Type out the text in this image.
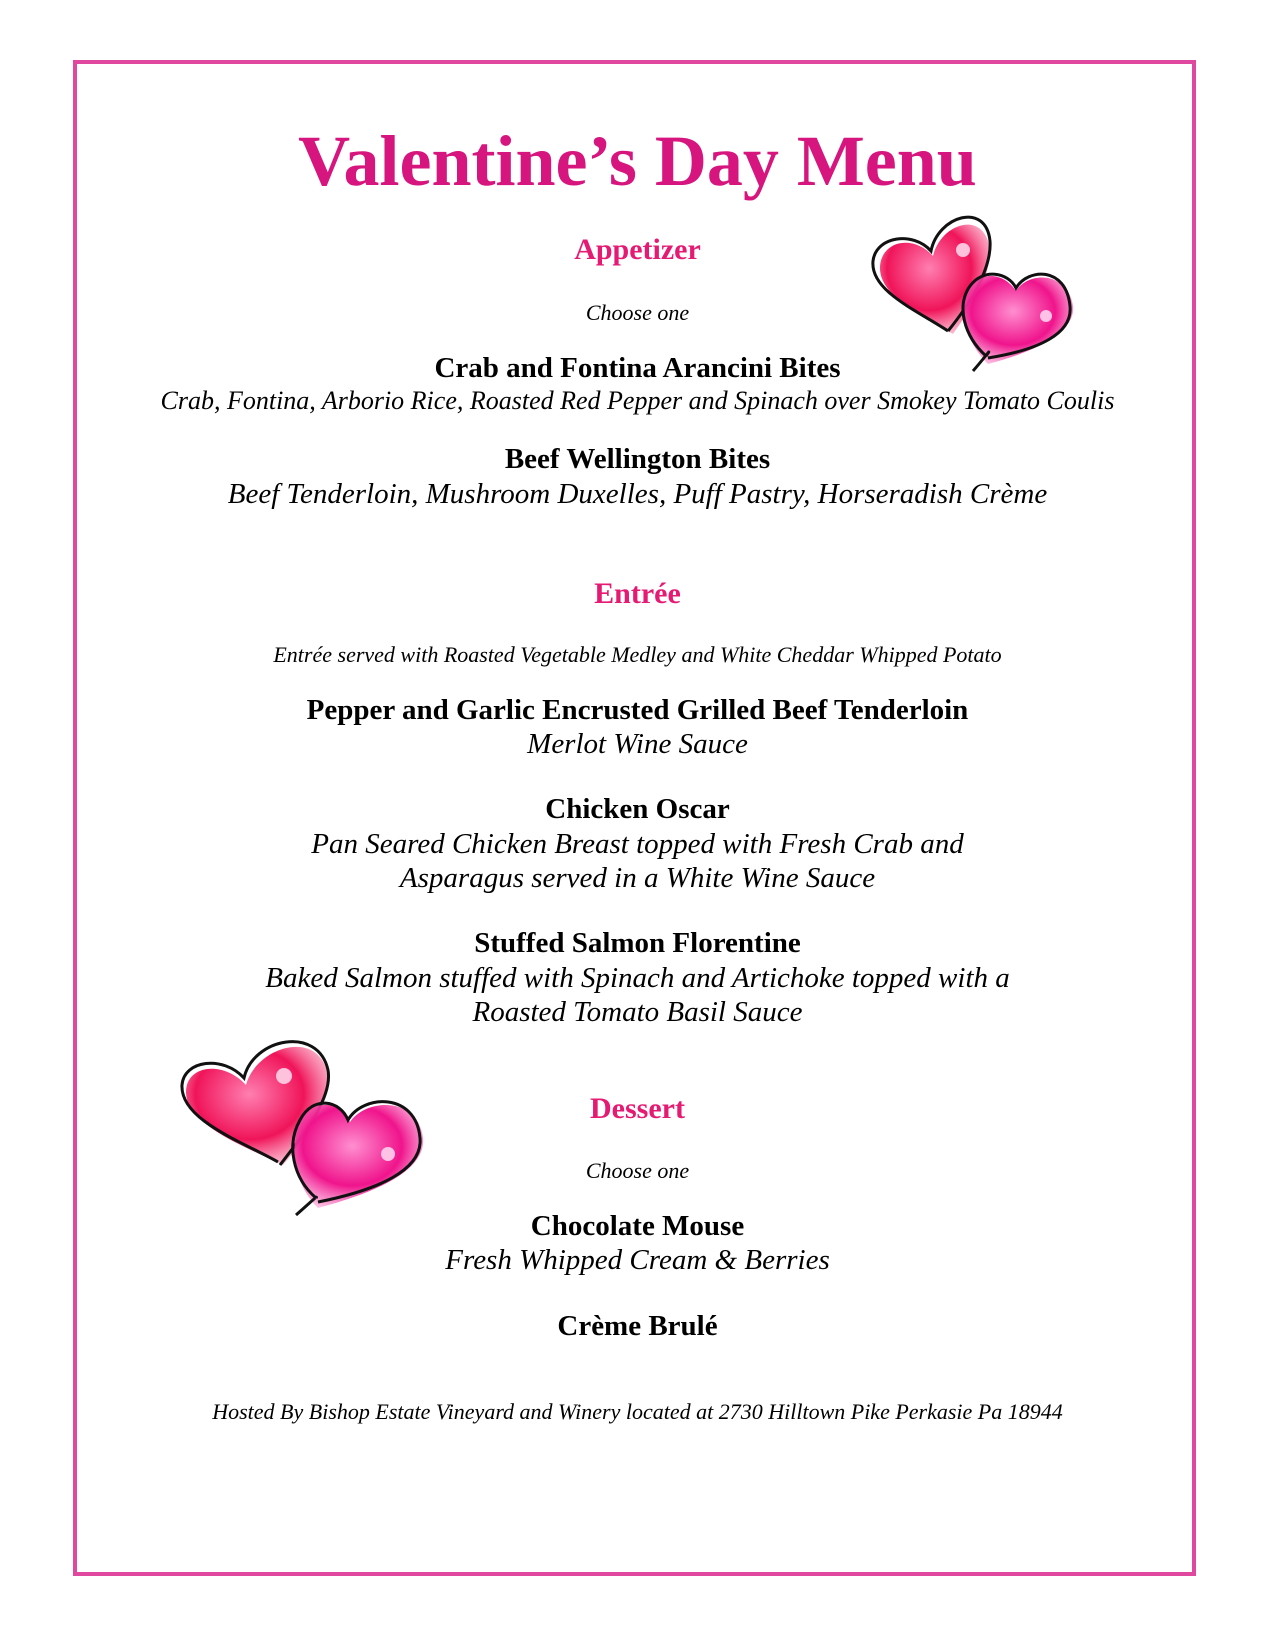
Valentine’s Day Menu
Appetizer
Choose one
Crab and Fontina Arancini Bites
Crab, Fontina, Arborio Rice, Roasted Red Pepper and Spinach over Smokey Tomato Coulis
Beef Wellington Bites
Beef Tenderloin, Mushroom Duxelles, Puff Pastry, Horseradish Crème
Entrée
Entrée served with Roasted Vegetable Medley and White Cheddar Whipped Potato
Pepper and Garlic Encrusted Grilled Beef Tenderloin
Merlot Wine Sauce
Chicken Oscar
Pan Seared Chicken Breast topped with Fresh Crab and
Asparagus served in a White Wine Sauce
Stuffed Salmon Florentine
Baked Salmon stuffed with Spinach and Artichoke topped with a
Roasted Tomato Basil Sauce
Dessert
Choose one
Chocolate Mouse
Fresh Whipped Cream & Berries
Crème Brulé
Hosted By Bishop Estate Vineyard and Winery located at 2730 Hilltown Pike Perkasie Pa 18944
